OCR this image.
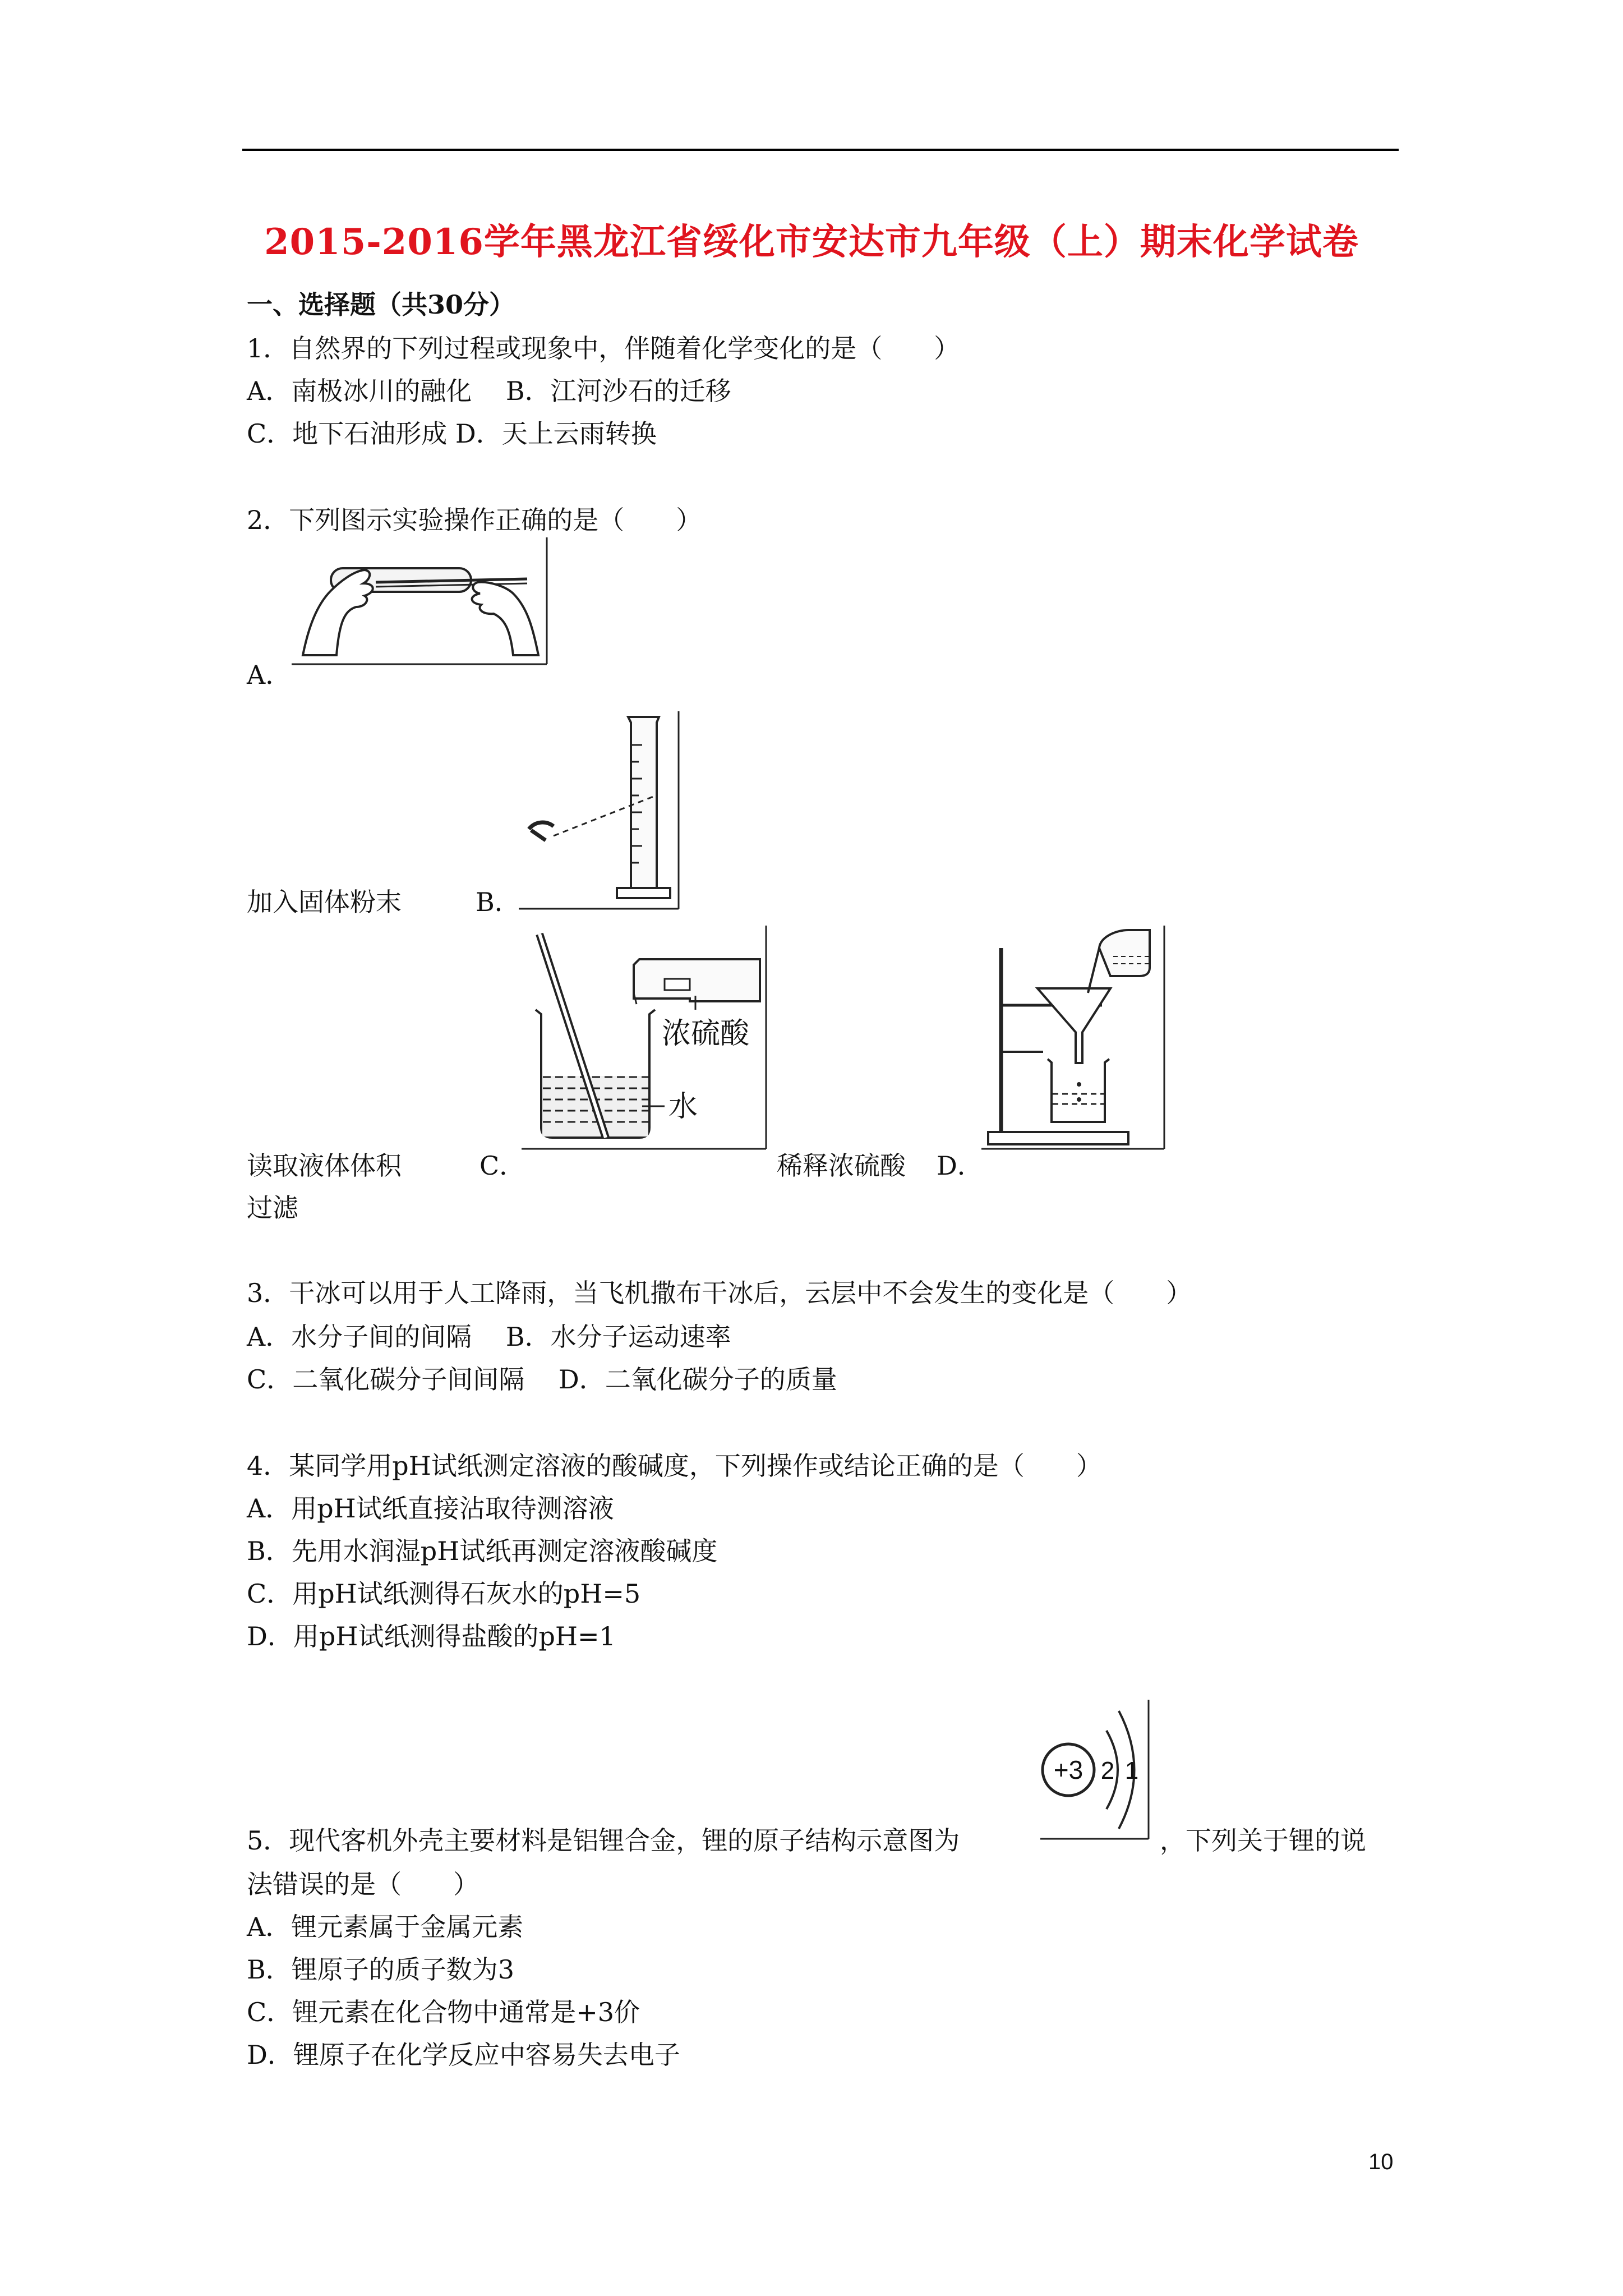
2015-2016学年黑龙江省绥化市安达市九年级（上）期末化学试卷
一、选择题（共30分）
1．自然界的下列过程或现象中，伴随着化学变化的是（　　）
A．南极冰川的融化　 B．江河沙石的迁移
C．地下石油形成 D．天上云雨转换
2．下列图示实验操作正确的是（　　）
A．
加入固体粉末	B．
浓硫酸
水
读取液体体积	C．	稀释浓硫酸 D．
过滤
3．干冰可以用于人工降雨，当飞机撒布干冰后，云层中不会发生的变化是（　　）
A．水分子间的间隔　 B．水分子运动速率
C．二氧化碳分子间间隔　 D．二氧化碳分子的质量
4．某同学用pH试纸测定溶液的酸碱度，下列操作或结论正确的是（　　）
A．用pH试纸直接沾取待测溶液
B．先用水润湿pH试纸再测定溶液酸碱度
C．用pH试纸测得石灰水的pH=5
D．用pH试纸测得盐酸的pH=1
+3 2 1
5．现代客机外壳主要材料是铝锂合金，锂的原子结构示意图为	，下列关于锂的说
法错误的是（　　）
A．锂元素属于金属元素
B．锂原子的质子数为3
C．锂元素在化合物中通常是+3价
D．锂原子在化学反应中容易失去电子
10
